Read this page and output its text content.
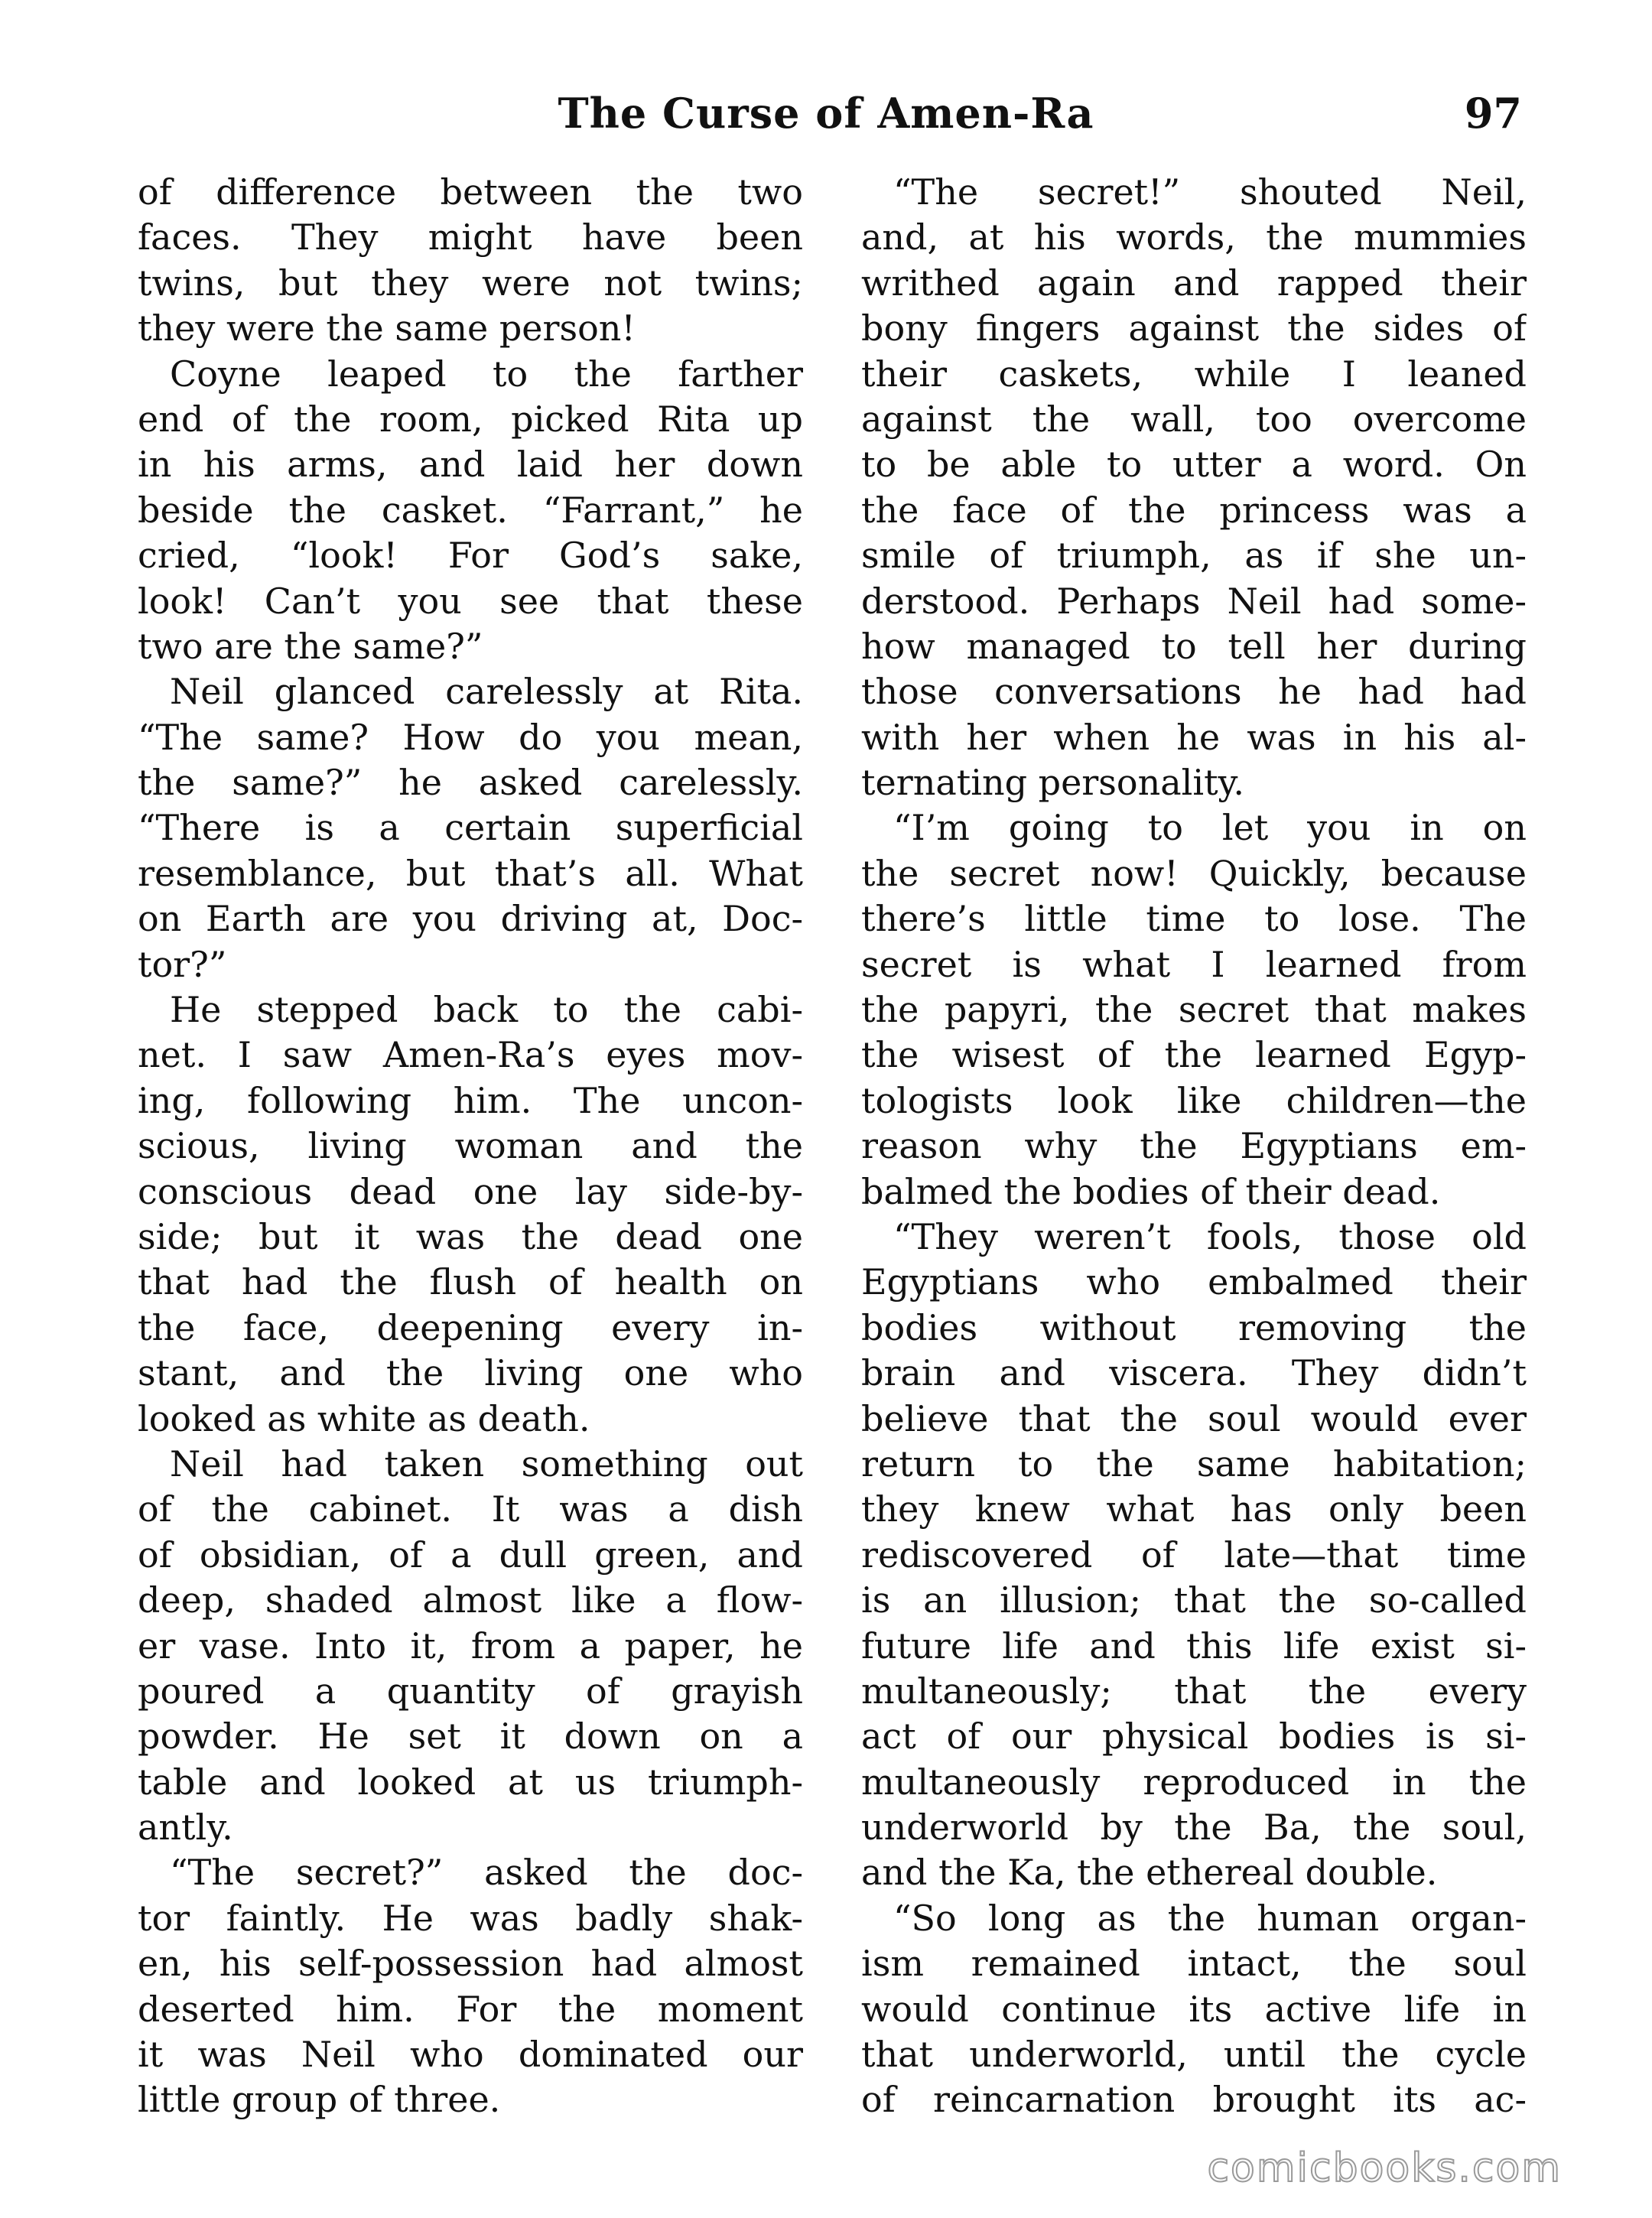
The Curse of Amen-Ra	97
of difference between the two
faces. They might have been
twins, but they were not twins;
they were the same person!
Coyne leaped to the farther
end of the room, picked Rita up
in his arms, and laid her down
beside the casket. “Farrant,” he
cried, “look! For God’s sake,
look! Can’t you see that these
two are the same?”
Neil glanced carelessly at Rita.
“The same? How do you mean,
the same?” he asked carelessly.
“There is a certain superficial
resemblance, but that’s all. What
on Earth are you driving at, Doc-
tor?”
He stepped back to the cabi-
net. I saw Amen-Ra’s eyes mov-
ing, following him. The uncon-
scious, living woman and the
conscious dead one lay side-by-
side; but it was the dead one
that had the flush of health on
the face, deepening every in-
stant, and the living one who
looked as white as death.
Neil had taken something out
of the cabinet. It was a dish
of obsidian, of a dull green, and
deep, shaded almost like a flow-
er vase. Into it, from a paper, he
poured a quantity of grayish
powder. He set it down on a
table and looked at us triumph-
antly.
“The secret?” asked the doc-
tor faintly. He was badly shak-
en, his self-possession had almost
deserted him. For the moment
it was Neil who dominated our
little group of three.
“The secret!” shouted Neil,
and, at his words, the mummies
writhed again and rapped their
bony fingers against the sides of
their caskets, while I leaned
against the wall, too overcome
to be able to utter a word. On
the face of the princess was a
smile of triumph, as if she un-
derstood. Perhaps Neil had some-
how managed to tell her during
those conversations he had had
with her when he was in his al-
ternating personality.
“I’m going to let you in on
the secret now! Quickly, because
there’s little time to lose. The
secret is what I learned from
the papyri, the secret that makes
the wisest of the learned Egyp-
tologists look like children—the
reason why the Egyptians em-
balmed the bodies of their dead.
“They weren’t fools, those old
Egyptians who embalmed their
bodies without removing the
brain and viscera. They didn’t
believe that the soul would ever
return to the same habitation;
they knew what has only been
rediscovered of late—that time
is an illusion; that the so-called
future life and this life exist si-
multaneously; that the every
act of our physical bodies is si-
multaneously reproduced in the
underworld by the Ba, the soul,
and the Ka, the ethereal double.
“So long as the human organ-
ism remained intact, the soul
would continue its active life in
that underworld, until the cycle
of reincarnation brought its ac-
comicbooks.com
